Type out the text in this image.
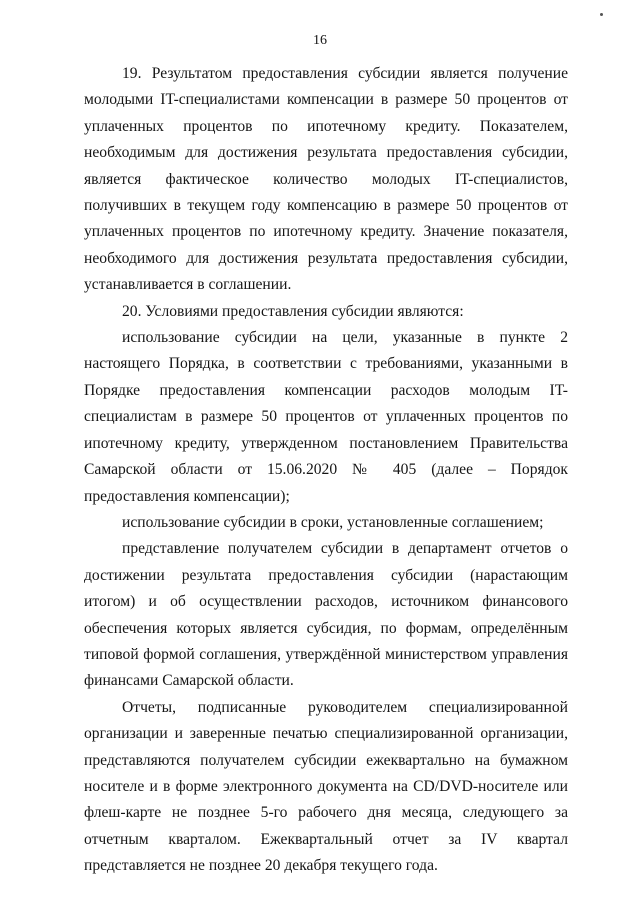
16

19. Результатом предоставления субсидии является получение молодыми IT-специалистами компенсации в размере 50 процентов от уплаченных процентов по ипотечному кредиту. Показателем, необходимым для достижения результата предоставления субсидии, является фактическое количество молодых IT-специалистов, получивших в текущем году компенсацию в размере 50 процентов от уплаченных процентов по ипотечному кредиту. Значение показателя, необходимого для достижения результата предоставления субсидии, устанавливается в соглашении.

20. Условиями предоставления субсидии являются:

использование субсидии на цели, указанные в пункте 2 настоящего Порядка, в соответствии с требованиями, указанными в Порядке предоставления компенсации расходов молодым IT-специалистам в размере 50 процентов от уплаченных процентов по ипотечному кредиту, утвержденном постановлением Правительства Самарской области от 15.06.2020 № 405 (далее – Порядок предоставления компенсации);

использование субсидии в сроки, установленные соглашением;

представление получателем субсидии в департамент отчетов о достижении результата предоставления субсидии (нарастающим итогом) и об осуществлении расходов, источником финансового обеспечения которых является субсидия, по формам, определённым типовой формой соглашения, утверждённой министерством управления финансами Самарской области.

Отчеты, подписанные руководителем специализированной организации и заверенные печатью специализированной организации, представляются получателем субсидии ежеквартально на бумажном носителе и в форме электронного документа на CD/DVD-носителе или флеш-карте не позднее 5-го рабочего дня месяца, следующего за отчетным кварталом. Ежеквартальный отчет за IV квартал представляется не позднее 20 декабря текущего года.
